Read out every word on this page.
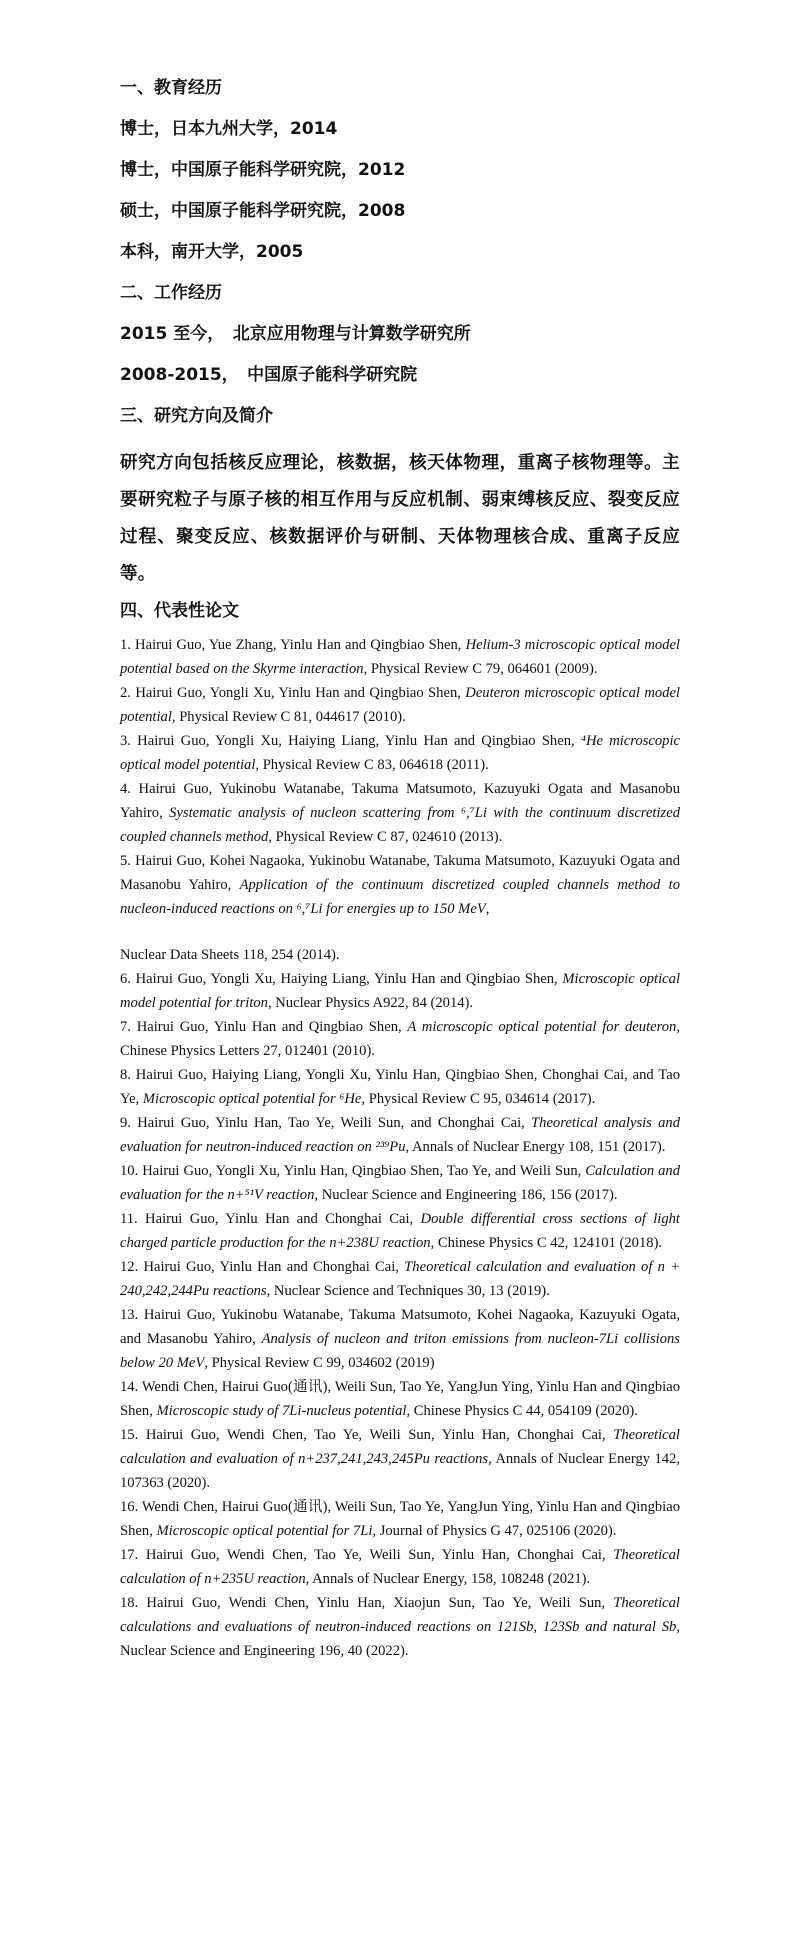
一、教育经历
博士，日本九州大学，2014
博士，中国原子能科学研究院，2012
硕士，中国原子能科学研究院，2008
本科，南开大学，2005
二、工作经历
2015 至今，　北京应用物理与计算数学研究所
2008-2015，　中国原子能科学研究院
三、研究方向及简介
研究方向包括核反应理论，核数据，核天体物理，重离子核物理等。主要研究粒子与原子核的相互作用与反应机制、弱束缚核反应、裂变反应过程、聚变反应、核数据评价与研制、天体物理核合成、重离子反应等。
四、代表性论文
1. Hairui Guo, Yue Zhang, Yinlu Han and Qingbiao Shen, Helium-3 microscopic optical model potential based on the Skyrme interaction, Physical Review C 79, 064601 (2009).
2. Hairui Guo, Yongli Xu, Yinlu Han and Qingbiao Shen, Deuteron microscopic optical model potential, Physical Review C 81, 044617 (2010).
3. Hairui Guo, Yongli Xu, Haiying Liang, Yinlu Han and Qingbiao Shen, ⁴He microscopic optical model potential, Physical Review C 83, 064618 (2011).
4. Hairui Guo, Yukinobu Watanabe, Takuma Matsumoto, Kazuyuki Ogata and Masanobu Yahiro, Systematic analysis of nucleon scattering from ⁶,⁷Li with the continuum discretized coupled channels method, Physical Review C 87, 024610 (2013).
5. Hairui Guo, Kohei Nagaoka, Yukinobu Watanabe, Takuma Matsumoto, Kazuyuki Ogata and Masanobu Yahiro, Application of the continuum discretized coupled channels method to nucleon-induced reactions on ⁶,⁷Li for energies up to 150 MeV,
Nuclear Data Sheets 118, 254 (2014).
6. Hairui Guo, Yongli Xu, Haiying Liang, Yinlu Han and Qingbiao Shen, Microscopic optical model potential for triton, Nuclear Physics A922, 84 (2014).
7. Hairui Guo, Yinlu Han and Qingbiao Shen, A microscopic optical potential for deuteron, Chinese Physics Letters 27, 012401 (2010).
8. Hairui Guo, Haiying Liang, Yongli Xu, Yinlu Han, Qingbiao Shen, Chonghai Cai, and Tao Ye, Microscopic optical potential for ⁶He, Physical Review C 95, 034614 (2017).
9. Hairui Guo, Yinlu Han, Tao Ye, Weili Sun, and Chonghai Cai, Theoretical analysis and evaluation for neutron-induced reaction on ²³⁹Pu, Annals of Nuclear Energy 108, 151 (2017).
10. Hairui Guo, Yongli Xu, Yinlu Han, Qingbiao Shen, Tao Ye, and Weili Sun, Calculation and evaluation for the n+⁵¹V reaction, Nuclear Science and Engineering 186, 156 (2017).
11. Hairui Guo, Yinlu Han and Chonghai Cai, Double differential cross sections of light charged particle production for the n+238U reaction, Chinese Physics C 42, 124101 (2018).
12. Hairui Guo, Yinlu Han and Chonghai Cai, Theoretical calculation and evaluation of n + 240,242,244Pu reactions, Nuclear Science and Techniques 30, 13 (2019).
13. Hairui Guo, Yukinobu Watanabe, Takuma Matsumoto, Kohei Nagaoka, Kazuyuki Ogata, and Masanobu Yahiro, Analysis of nucleon and triton emissions from nucleon-7Li collisions below 20 MeV, Physical Review C 99, 034602 (2019)
14. Wendi Chen, Hairui Guo(通讯), Weili Sun, Tao Ye, YangJun Ying, Yinlu Han and Qingbiao Shen, Microscopic study of 7Li-nucleus potential, Chinese Physics C 44, 054109 (2020).
15. Hairui Guo, Wendi Chen, Tao Ye, Weili Sun, Yinlu Han, Chonghai Cai, Theoretical calculation and evaluation of n+237,241,243,245Pu reactions, Annals of Nuclear Energy 142, 107363 (2020).
16. Wendi Chen, Hairui Guo(通讯), Weili Sun, Tao Ye, YangJun Ying, Yinlu Han and Qingbiao Shen, Microscopic optical potential for 7Li, Journal of Physics G 47, 025106 (2020).
17. Hairui Guo, Wendi Chen, Tao Ye, Weili Sun, Yinlu Han, Chonghai Cai, Theoretical calculation of n+235U reaction, Annals of Nuclear Energy, 158, 108248 (2021).
18. Hairui Guo, Wendi Chen, Yinlu Han, Xiaojun Sun, Tao Ye, Weili Sun, Theoretical calculations and evaluations of neutron-induced reactions on 121Sb, 123Sb and natural Sb, Nuclear Science and Engineering 196, 40 (2022).
